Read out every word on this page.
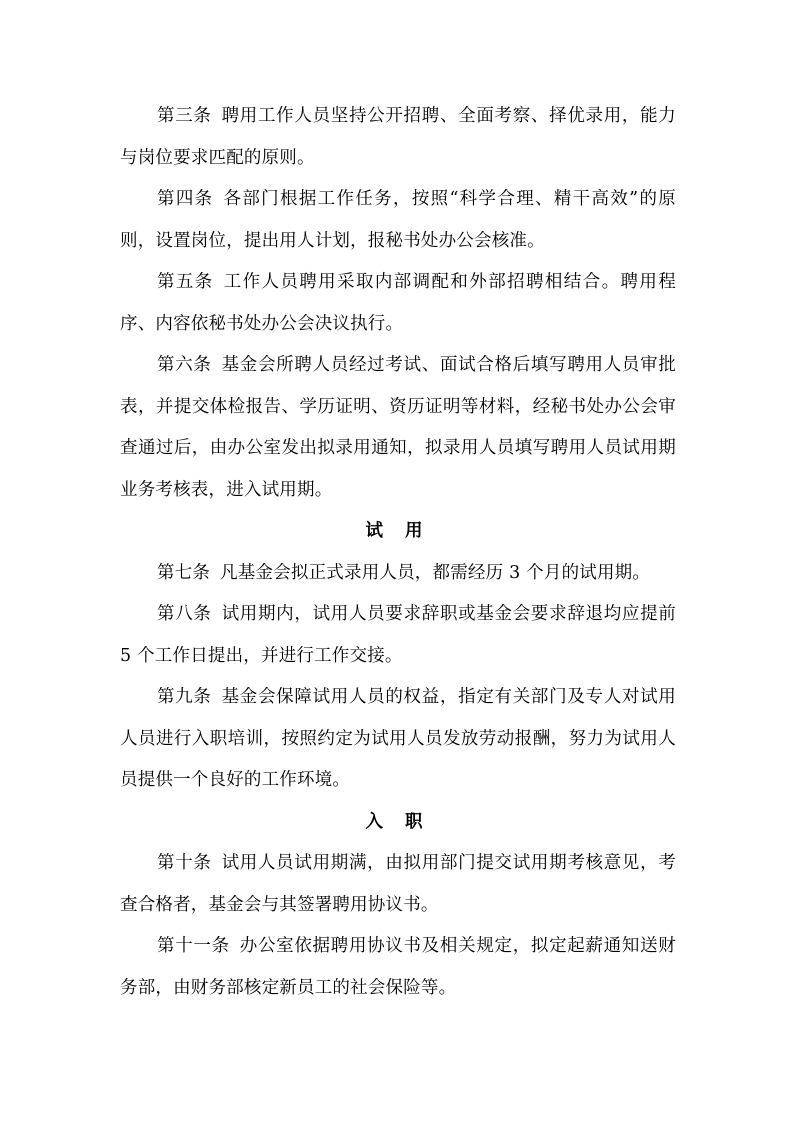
第三条 聘用工作人员坚持公开招聘、全面考察、择优录用，能力与岗位要求匹配的原则。

第四条 各部门根据工作任务，按照“科学合理、精干高效”的原则，设置岗位，提出用人计划，报秘书处办公会核准。

第五条 工作人员聘用采取内部调配和外部招聘相结合。聘用程序、内容依秘书处办公会决议执行。

第六条 基金会所聘人员经过考试、面试合格后填写聘用人员审批表，并提交体检报告、学历证明、资历证明等材料，经秘书处办公会审查通过后，由办公室发出拟录用通知，拟录用人员填写聘用人员试用期业务考核表，进入试用期。

试 用

第七条 凡基金会拟正式录用人员，都需经历 3 个月的试用期。

第八条 试用期内，试用人员要求辞职或基金会要求辞退均应提前 5 个工作日提出，并进行工作交接。

第九条 基金会保障试用人员的权益，指定有关部门及专人对试用人员进行入职培训，按照约定为试用人员发放劳动报酬，努力为试用人员提供一个良好的工作环境。

入 职

第十条 试用人员试用期满，由拟用部门提交试用期考核意见，考查合格者，基金会与其签署聘用协议书。

第十一条 办公室依据聘用协议书及相关规定，拟定起薪通知送财务部，由财务部核定新员工的社会保险等。
